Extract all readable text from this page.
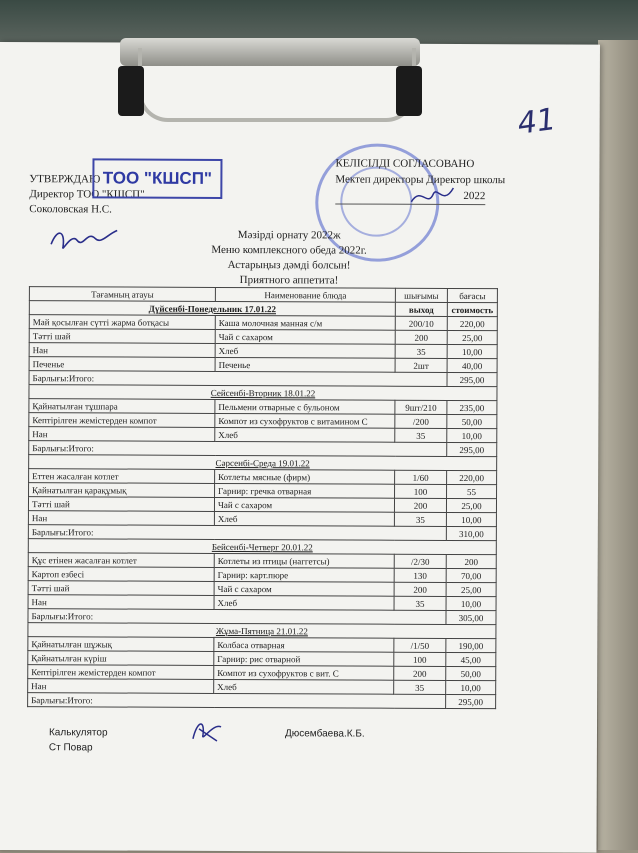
41
УТВЕРЖДАЮ
Директор ТОО "КШСП"
Соколовская Н.С.
ТОО "КШСП"
КЕЛІСІЛДІ СОГЛАСОВАНО
Мектеп директоры Директор школы
2022
Мәзірді орнату 2022ж
Меню комплексного обеда 2022г.
Астарыңыз дәмді болсын!
Приятного аппетита!
Тағамның атауы	Наименование блюда	шығымы	бағасы
Дүйсенбі-Понедельник 17.01.22		выход	стоимость
Май қосылған сүтті жарма ботқасы	Каша молочная манная с/м	200/10	220,00
Тәтті шай	Чай с сахаром	200	25,00
Нан	Хлеб	35	10,00
Печенье	Печенье	2шт	40,00
Барлығы:Итого:			295,00
Сейсенбі-Вторник 18.01.22			
Қайнатылған тұшпара	Пельмени отварные с бульоном	9шт/210	235,00
Кептірілген жемістерден компот	Компот из сухофруктов с витамином С	/200	50,00
Нан	Хлеб	35	10,00
Барлығы:Итого:			295,00
Сәрсенбі-Среда 19.01.22			
Еттен жасалған котлет	Котлеты мясные (фирм)	1/60	220,00
Қайнатылған қарақұмық	Гарнир: гречка отварная	100	55
Тәтті шай	Чай с сахаром	200	25,00
Нан	Хлеб	35	10,00
Барлығы:Итого:			310,00
Бейсенбі-Четверг 20.01.22			
Құс етінен жасалған котлет	Котлеты из птицы (наггетсы)	/2/30	200
Картоп езбесі	Гарнир: карт.пюре	130	70,00
Тәтті шай	Чай с сахаром	200	25,00
Нан	Хлеб	35	10,00
Барлығы:Итого:			305,00
Жұма-Пятница 21.01.22			
Қайнатылған шұжық	Колбаса отварная	/1/50	190,00
Қайнатылған күріш	Гарнир: рис отварной	100	45,00
Кептірілген жемістерден компот	Компот из сухофруктов с вит. С	200	50,00
Нан	Хлеб	35	10,00
Барлығы:Итого:			295,00
Калькулятор
Ст Повар
Дюсембаева.К.Б.
